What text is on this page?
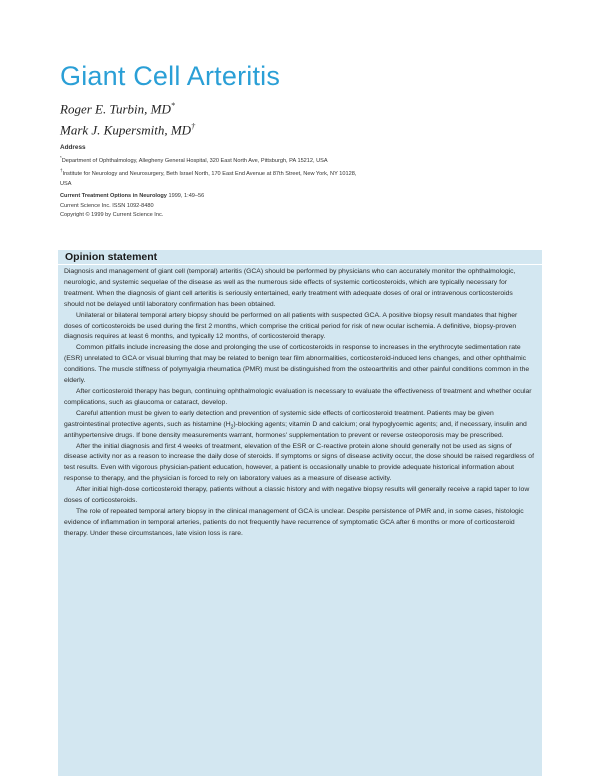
Giant Cell Arteritis
Roger E. Turbin, MD*
Mark J. Kupersmith, MD†
Address
*Department of Ophthalmology, Allegheny General Hospital, 320 East North Ave, Pittsburgh, PA 15212, USA
†Institute for Neurology and Neurosurgery, Beth Israel North, 170 East End Avenue at 87th Street, New York, NY 10128, USA

Current Treatment Options in Neurology 1999, 1:49–56

Current Science Inc. ISSN 1092-8480

Copyright © 1999 by Current Science Inc.

Opinion statement

Diagnosis and management of giant cell (temporal) arteritis (GCA) should be performed by physicians who can accurately monitor the ophthalmologic, neurologic, and systemic sequelae of the disease as well as the numerous side effects of systemic corticosteroids, which are typically necessary for treatment. When the diagnosis of giant cell arteritis is seriously entertained, early treatment with adequate doses of oral or intravenous corticosteroids should not be delayed until laboratory confirmation has been obtained.

Unilateral or bilateral temporal artery biopsy should be performed on all patients with suspected GCA. A positive biopsy result mandates that higher doses of corticosteroids be used during the first 2 months, which comprise the critical period for risk of new ocular ischemia. A definitive, biopsy-proven diagnosis requires at least 6 months, and typically 12 months, of corticosteroid therapy.

Common pitfalls include increasing the dose and prolonging the use of corticosteroids in response to increases in the erythrocyte sedimentation rate (ESR) unrelated to GCA or visual blurring that may be related to benign tear film abnormalities, corticosteroid-induced lens changes, and other ophthalmic conditions. The muscle stiffness of polymyalgia rheumatica (PMR) must be distinguished from the osteoarthritis and other painful conditions common in the elderly.

After corticosteroid therapy has begun, continuing ophthalmologic evaluation is necessary to evaluate the effectiveness of treatment and whether ocular complications, such as glaucoma or cataract, develop.

Careful attention must be given to early detection and prevention of systemic side effects of corticosteroid treatment. Patients may be given gastrointestinal protective agents, such as histamine $(H_2)$-blocking agents; vitamin D and calcium; oral hypoglycemic agents; and, if necessary, insulin and antihypertensive drugs. If bone density measurements warrant, hormones' supplementation to prevent or reverse osteoporosis may be prescribed.

After the initial diagnosis and first 4 weeks of treatment, elevation of the ESR or C-reactive protein alone should generally not be used as signs of disease activity nor as a reason to increase the daily dose of steroids. If symptoms or signs of disease activity occur, the dose should be raised regardless of test results. Even with vigorous physician-patient education, however, a patient is occasionally unable to provide adequate historical information about response to therapy, and the physician is forced to rely on laboratory values as a measure of disease activity.

After initial high-dose corticosteroid therapy, patients without a classic history and with negative biopsy results will generally receive a rapid taper to low doses of corticosteroids.

The role of repeated temporal artery biopsy in the clinical management of GCA is unclear. Despite persistence of PMR and, in some cases, histologic evidence of inflammation in temporal arteries, patients do not frequently have recurrence of symptomatic GCA after 6 months or more of corticosteroid therapy. Under these circumstances, late vision loss is rare.
